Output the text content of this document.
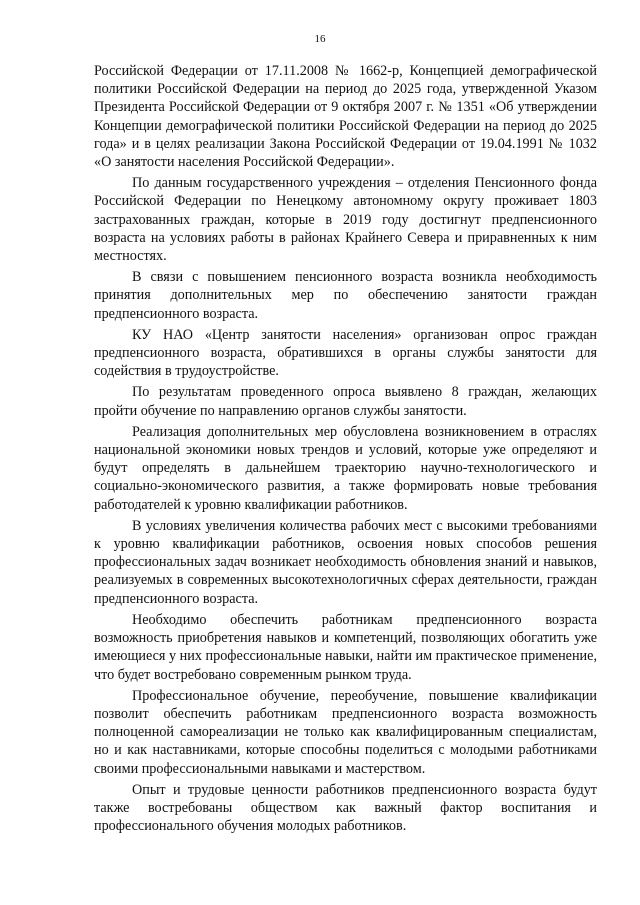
16

Российской Федерации от 17.11.2008 № 1662-р, Концепцией демографической политики Российской Федерации на период до 2025 года, утвержденной Указом Президента Российской Федерации от 9 октября 2007 г. № 1351 «Об утверждении Концепции демографической политики Российской Федерации на период до 2025 года» и в целях реализации Закона Российской Федерации от 19.04.1991 № 1032 «О занятости населения Российской Федерации».

По данным государственного учреждения – отделения Пенсионного фонда Российской Федерации по Ненецкому автономному округу проживает 1803 застрахованных граждан, которые в 2019 году достигнут предпенсионного возраста на условиях работы в районах Крайнего Севера и приравненных к ним местностях.

В связи с повышением пенсионного возраста возникла необходимость принятия дополнительных мер по обеспечению занятости граждан предпенсионного возраста.

КУ НАО «Центр занятости населения» организован опрос граждан предпенсионного возраста, обратившихся в органы службы занятости для содействия в трудоустройстве.

По результатам проведенного опроса выявлено 8 граждан, желающих пройти обучение по направлению органов службы занятости.

Реализация дополнительных мер обусловлена возникновением в отраслях национальной экономики новых трендов и условий, которые уже определяют и будут определять в дальнейшем траекторию научно-технологического и социально-экономического развития, а также формировать новые требования работодателей к уровню квалификации работников.

В условиях увеличения количества рабочих мест с высокими требованиями к уровню квалификации работников, освоения новых способов решения профессиональных задач возникает необходимость обновления знаний и навыков, реализуемых в современных высокотехнологичных сферах деятельности, граждан предпенсионного возраста.

Необходимо обеспечить работникам предпенсионного возраста возможность приобретения навыков и компетенций, позволяющих обогатить уже имеющиеся у них профессиональные навыки, найти им практическое применение, что будет востребовано современным рынком труда.

Профессиональное обучение, переобучение, повышение квалификации позволит обеспечить работникам предпенсионного возраста возможность полноценной самореализации не только как квалифицированным специалистам, но и как наставниками, которые способны поделиться с молодыми работниками своими профессиональными навыками и мастерством.

Опыт и трудовые ценности работников предпенсионного возраста будут также востребованы обществом как важный фактор воспитания и профессионального обучения молодых работников.
